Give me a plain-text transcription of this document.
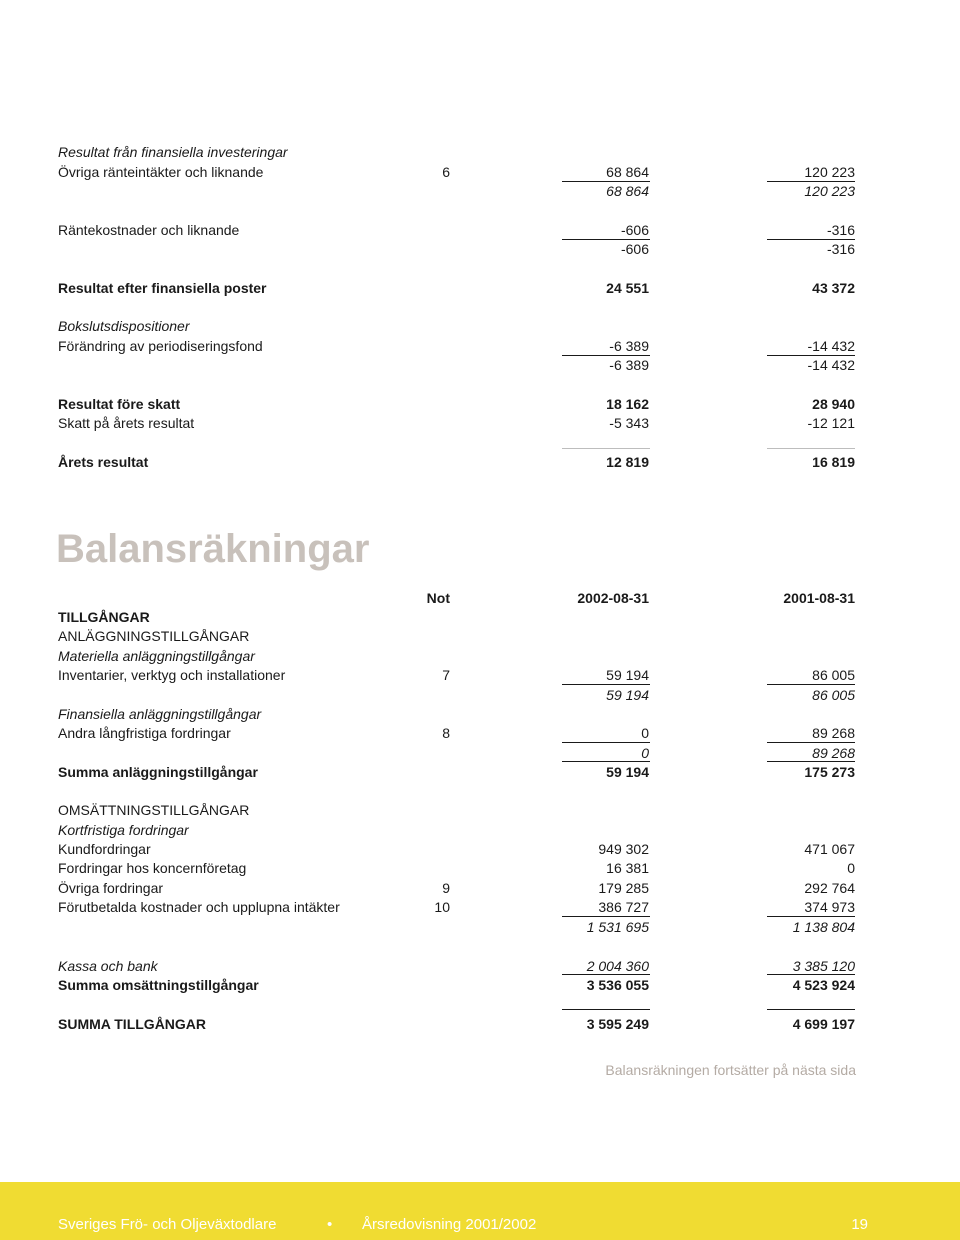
Resultat från finansiella investeringar
Övriga ränteintäkter och liknande	6	68 864	120 223
68 864	120 223
Räntekostnader och liknande	-606	-316
-606	-316
Resultat efter finansiella poster	24 551	43 372
Bokslutsdispositioner
Förändring av periodiseringsfond	-6 389	-14 432
-6 389	-14 432
Resultat före skatt	18 162	28 940
Skatt på årets resultat	-5 343	-12 121
Årets resultat	12 819	16 819
Balansräkningar
Not	2002-08-31	2001-08-31
TILLGÅNGAR
ANLÄGGNINGSTILLGÅNGAR
Materiella anläggningstillgångar
Inventarier, verktyg och installationer	7	59 194	86 005
59 194	86 005
Finansiella anläggningstillgångar
Andra långfristiga fordringar	8	0	89 268
0	89 268
Summa anläggningstillgångar	59 194	175 273
OMSÄTTNINGSTILLGÅNGAR
Kortfristiga fordringar
Kundfordringar	949 302	471 067
Fordringar hos koncernföretag	16 381	0
Övriga fordringar	9	179 285	292 764
Förutbetalda kostnader och upplupna intäkter	10	386 727	374 973
1 531 695	1 138 804
Kassa och bank	2 004 360	3 385 120
Summa omsättningstillgångar	3 536 055	4 523 924
SUMMA TILLGÅNGAR	3 595 249	4 699 197
Balansräkningen fortsätter på nästa sida
Sveriges Frö- och Oljeväxtodlare	• Årsredovisning 2001/2002	19
